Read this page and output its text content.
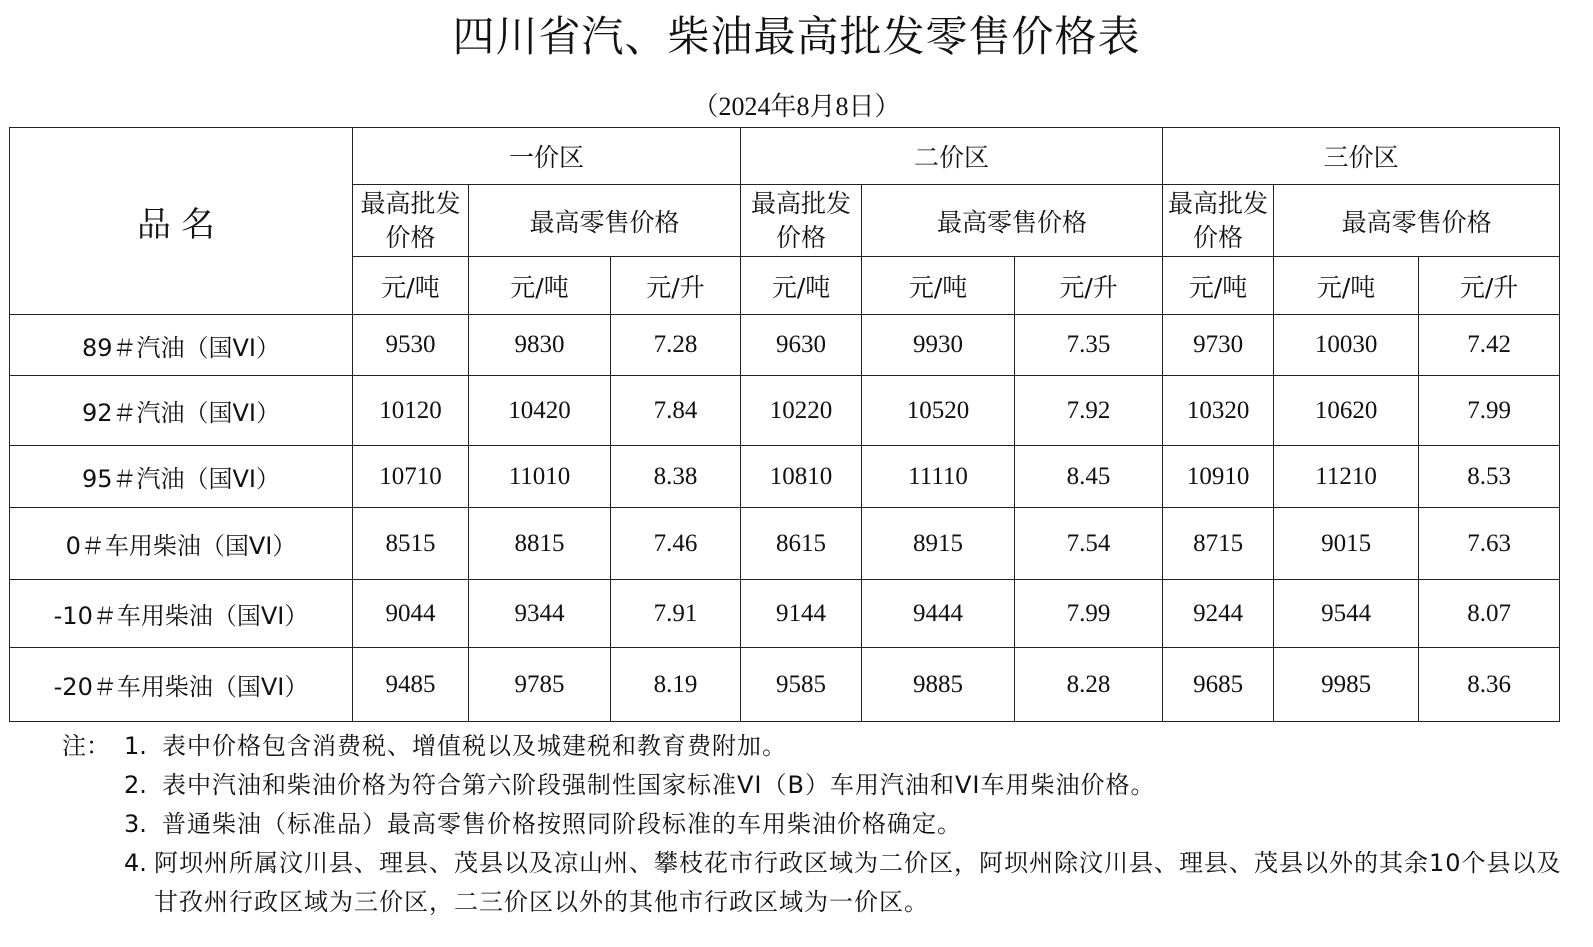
四川省汽、柴油最高批发零售价格表
（2024年8月8日）
品名	一价区			二价区			三价区		
	最高批发价格	最高零售价格		最高批发价格	最高零售价格		最高批发价格	最高零售价格	
	元/吨	元/吨	元/升	元/吨	元/吨	元/升	元/吨	元/吨	元/升
89＃汽油（国VI）	9530	9830	7.28	9630	9930	7.35	9730	10030	7.42
92＃汽油（国VI）	10120	10420	7.84	10220	10520	7.92	10320	10620	7.99
95＃汽油（国VI）	10710	11010	8.38	10810	11110	8.45	10910	11210	8.53
0＃车用柴油（国VI）	8515	8815	7.46	8615	8915	7.54	8715	9015	7.63
-10＃车用柴油（国VI）	9044	9344	7.91	9144	9444	7.99	9244	9544	8.07
-20＃车用柴油（国VI）	9485	9785	8.19	9585	9885	8.28	9685	9985	8.36
注： 1. 表中价格包含消费税、增值税以及城建税和教育费附加。
2. 表中汽油和柴油价格为符合第六阶段强制性国家标准VI（B）车用汽油和VI车用柴油价格。
3. 普通柴油（标准品）最高零售价格按照同阶段标准的车用柴油价格确定。
4. 阿坝州所属汶川县、理县、茂县以及凉山州、攀枝花市行政区域为二价区，阿坝州除汶川县、理县、茂县以外的其余10个县以及甘孜州行政区域为三价区，二三价区以外的其他市行政区域为一价区。
